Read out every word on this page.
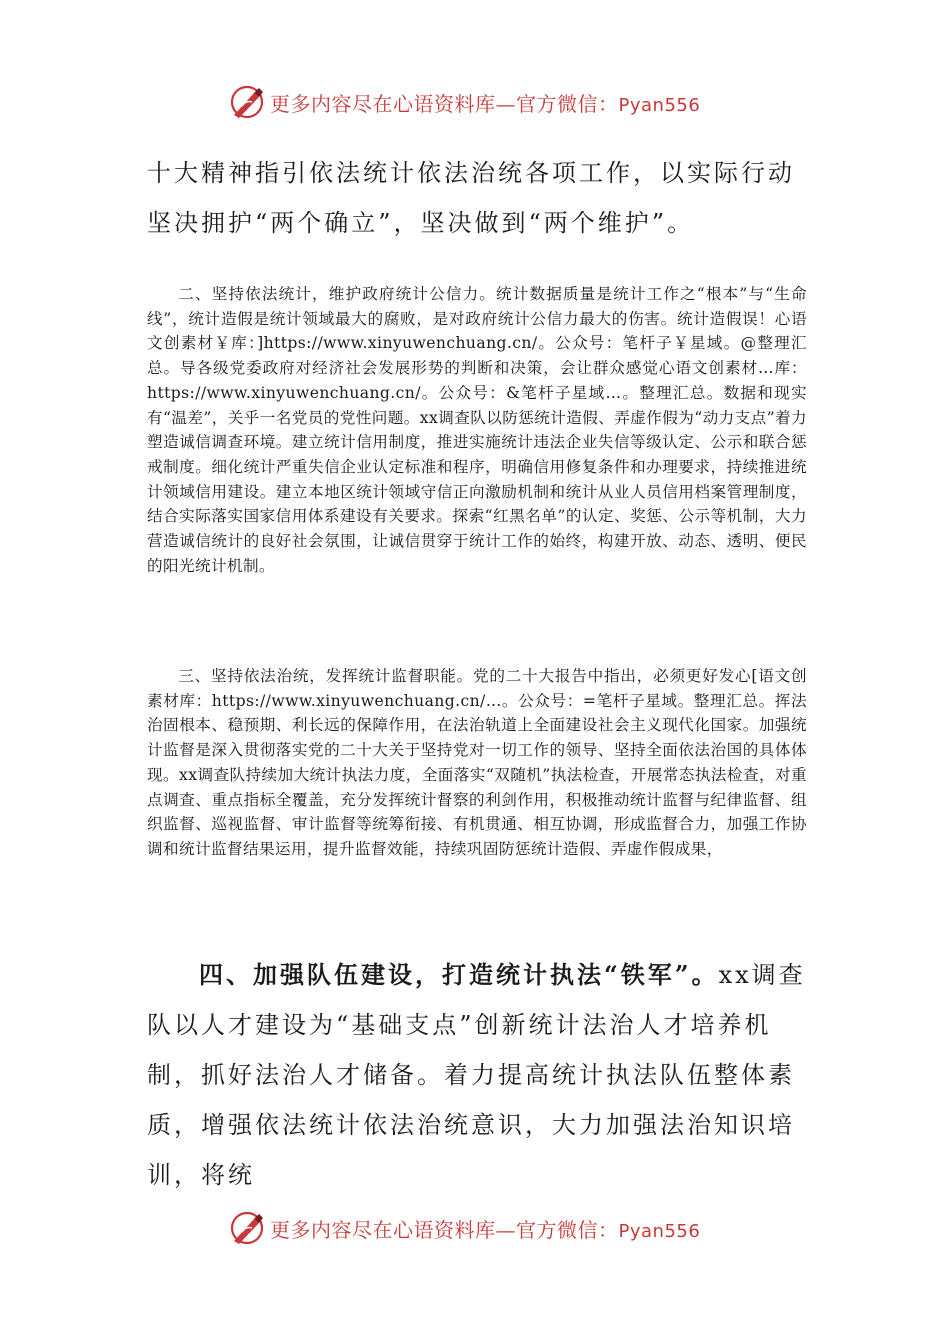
更多内容尽在心语资料库—官方微信：Pyan556

十大精神指引依法统计依法治统各项工作，以实际行动坚决拥护“两个确立”，坚决做到“两个维护”。

二、坚持依法统计，维护政府统计公信力。统计数据质量是统计工作之“根本”与“生命线”，统计造假是统计领域最大的腐败，是对政府统计公信力最大的伤害。统计造假误！心语文创素材￥库：]https://www.xinyuwenchuang.cn/。公众号：笔杆子￥星域。@整理汇总。导各级党委政府对经济社会发展形势的判断和决策，会让群众感觉心语文创素材…库：https://www.xinyuwenchuang.cn/。公众号：&笔杆子星域…。整理汇总。数据和现实有“温差”，关乎一名党员的党性问题。xx调查队以防惩统计造假、弄虚作假为“动力支点”着力塑造诚信调查环境。建立统计信用制度，推进实施统计违法企业失信等级认定、公示和联合惩戒制度。细化统计严重失信企业认定标准和程序，明确信用修复条件和办理要求，持续推进统计领域信用建设。建立本地区统计领域守信正向激励机制和统计从业人员信用档案管理制度，结合实际落实国家信用体系建设有关要求。探索“红黑名单”的认定、奖惩、公示等机制，大力营造诚信统计的良好社会氛围，让诚信贯穿于统计工作的始终，构建开放、动态、透明、便民的阳光统计机制。

三、坚持依法治统，发挥统计监督职能。党的二十大报告中指出，必须更好发心[语文创素材库：https://www.xinyuwenchuang.cn/…。公众号：=笔杆子星域。整理汇总。挥法治固根本、稳预期、利长远的保障作用，在法治轨道上全面建设社会主义现代化国家。加强统计监督是深入贯彻落实党的二十大关于坚持党对一切工作的领导、坚持全面依法治国的具体体现。xx调查队持续加大统计执法力度，全面落实“双随机”执法检查，开展常态执法检查，对重点调查、重点指标全覆盖，充分发挥统计督察的利剑作用，积极推动统计监督与纪律监督、组织监督、巡视监督、审计监督等统筹衔接、有机贯通、相互协调，形成监督合力，加强工作协调和统计监督结果运用，提升监督效能，持续巩固防惩统计造假、弄虚作假成果，

四、加强队伍建设，打造统计执法“铁军”。xx调查队以人才建设为“基础支点”创新统计法治人才培养机制，抓好法治人才储备。着力提高统计执法队伍整体素质，增强依法统计依法治统意识，大力加强法治知识培训，将统

更多内容尽在心语资料库—官方微信：Pyan556
